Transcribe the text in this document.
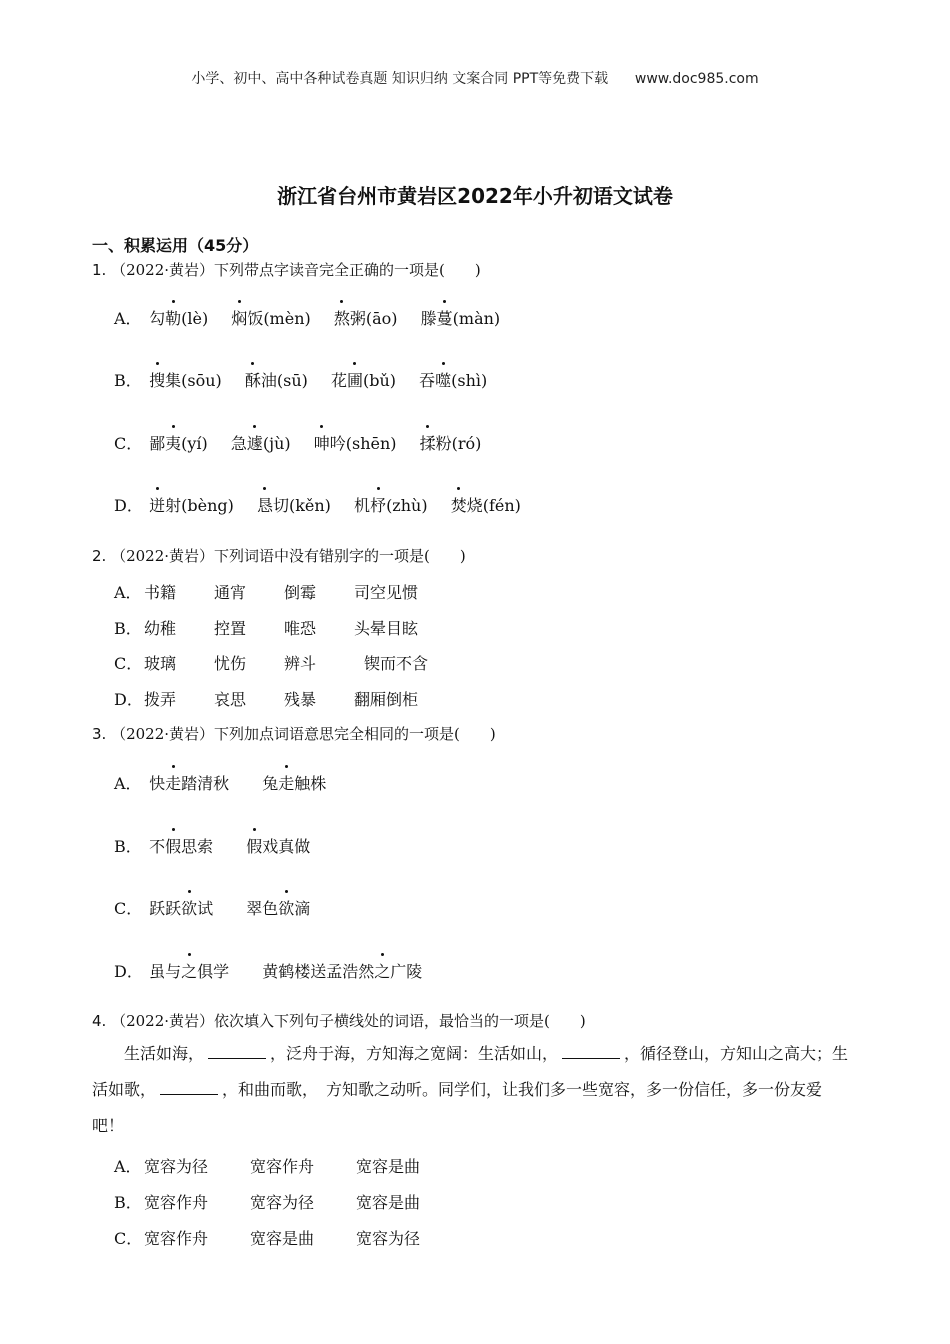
小学、初中、高中各种试卷真题 知识归纳 文案合同 PPT等免费下载 www.doc985.com
浙江省台州市黄岩区2022年小升初语文试卷
一、积累运用（45分）
1. （2022·黄岩）下列带点字读音完全正确的一项是(　　)
A． 勾勒(lè) 焖饭(mèn) 熬粥(āo) 滕蔓(màn)
B． 搜集(sōu) 酥油(sū) 花圃(bǔ) 吞噬(shì)
C． 鄙夷(yí) 急遽(jù) 呻吟(shēn) 揉粉(ró)
D． 迸射(bèng) 恳切(kěn) 机杼(zhù) 焚烧(fén)
2. （2022·黄岩）下列词语中没有错别字的一项是(　　)
A． 书籍 通宵 倒霉 司空见惯
B． 幼稚 控置 唯恐 头晕目眩
C． 玻璃 忧伤 辨斗	锲而不含
D．拨弄 哀思 残暴 翻厢倒柜
3. （2022·黄岩）下列加点词语意思完全相同的一项是(　　)
A． 快走踏清秋 兔走触株
B． 不假思索 假戏真做
C． 跃跃欲试 翠色欲滴
D． 虽与之俱学 黄鹤楼送孟浩然之广陵
4. （2022·黄岩）依次填入下列句子横线处的词语，最恰当的一项是(　　)
生活如海，	，泛舟于海，方知海之宽阔：生活如山，	，循径登山，方知山之高大；生活如歌，	，和曲而歌，　方知歌之动听。同学们，让我们多一些宽容，多一份信任，多一份友爱吧！
A． 宽容为径	宽容作舟	宽容是曲
B． 宽容作舟	宽容为径	宽容是曲
C． 宽容作舟	宽容是曲	宽容为径
